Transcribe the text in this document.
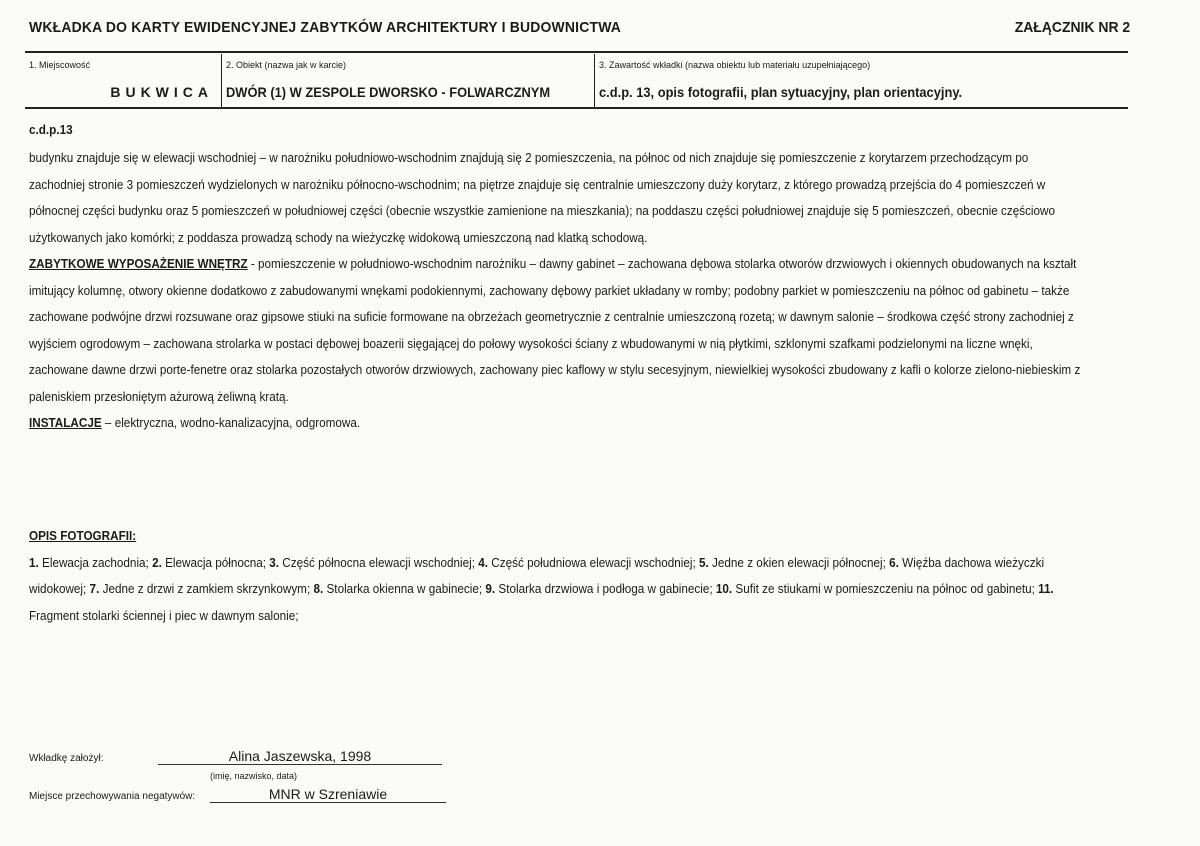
WKŁADKA DO KARTY EWIDENCYJNEJ ZABYTKÓW ARCHITEKTURY I BUDOWNICTWA	ZAŁĄCZNIK NR 2
1. Miejscowość
BUKWICA
2. Obiekt (nazwa jak w karcie)
DWÓR (1) W ZESPOLE DWORSKO - FOLWARCZNYM
3. Zawartość wkładki (nazwa obiektu lub materiału uzupełniającego)
c.d.p. 13, opis fotografii, plan sytuacyjny, plan orientacyjny.
c.d.p.13
budynku znajduje się w elewacji wschodniej – w narożniku południowo-wschodnim znajdują się 2 pomieszczenia, na północ od nich znajduje się pomieszczenie z korytarzem przechodzącym po zachodniej stronie 3 pomieszczeń wydzielonych w narożniku północno-wschodnim; na piętrze znajduje się centralnie umieszczony duży korytarz, z którego prowadzą przejścia do 4 pomieszczeń w północnej części budynku oraz 5 pomieszczeń w południowej części (obecnie wszystkie zamienione na mieszkania); na poddaszu części południowej znajduje się 5 pomieszczeń, obecnie częściowo użytkowanych jako komórki; z poddasza prowadzą schody na wieżyczkę widokową umieszczoną nad klatką schodową.
ZABYTKOWE WYPOSAŻENIE WNĘTRZ - pomieszczenie w południowo-wschodnim narożniku – dawny gabinet – zachowana dębowa stolarka otworów drzwiowych i okiennych obudowanych na kształt imitujący kolumnę, otwory okienne dodatkowo z zabudowanymi wnękami podokiennymi, zachowany dębowy parkiet układany w romby; podobny parkiet w pomieszczeniu na północ od gabinetu – także zachowane podwójne drzwi rozsuwane oraz gipsowe stiuki na suficie formowane na obrzeżach geometrycznie z centralnie umieszczoną rozetą; w dawnym salonie – środkowa część strony zachodniej z wyjściem ogrodowym – zachowana strolarka w postaci dębowej boazerii sięgającej do połowy wysokości ściany z wbudowanymi w nią płytkimi, szklonymi szafkami podzielonymi na liczne wnęki, zachowane dawne drzwi porte-fenetre oraz stolarka pozostałych otworów drzwiowych, zachowany piec kaflowy w stylu secesyjnym, niewielkiej wysokości zbudowany z kafli o kolorze zielono-niebieskim z paleniskiem przesłoniętym ażurową żeliwną kratą.
INSTALACJE – elektryczna, wodno-kanalizacyjna, odgromowa.
OPIS FOTOGRAFII:
1. Elewacja zachodnia; 2. Elewacja północna; 3. Część północna elewacji wschodniej; 4. Część południowa elewacji wschodniej; 5. Jedne z okien elewacji północnej; 6. Więźba dachowa wieżyczki widokowej; 7. Jedne z drzwi z zamkiem skrzynkowym; 8. Stolarka okienna w gabinecie; 9. Stolarka drzwiowa i podłoga w gabinecie; 10. Sufit ze stiukami w pomieszczeniu na północ od gabinetu; 11. Fragment stolarki ściennej i piec w dawnym salonie;
Wkładkę założył:	Alina Jaszewska, 1998
(imię, nazwisko, data)
Miejsce przechowywania negatywów:	MNR w Szreniawie
